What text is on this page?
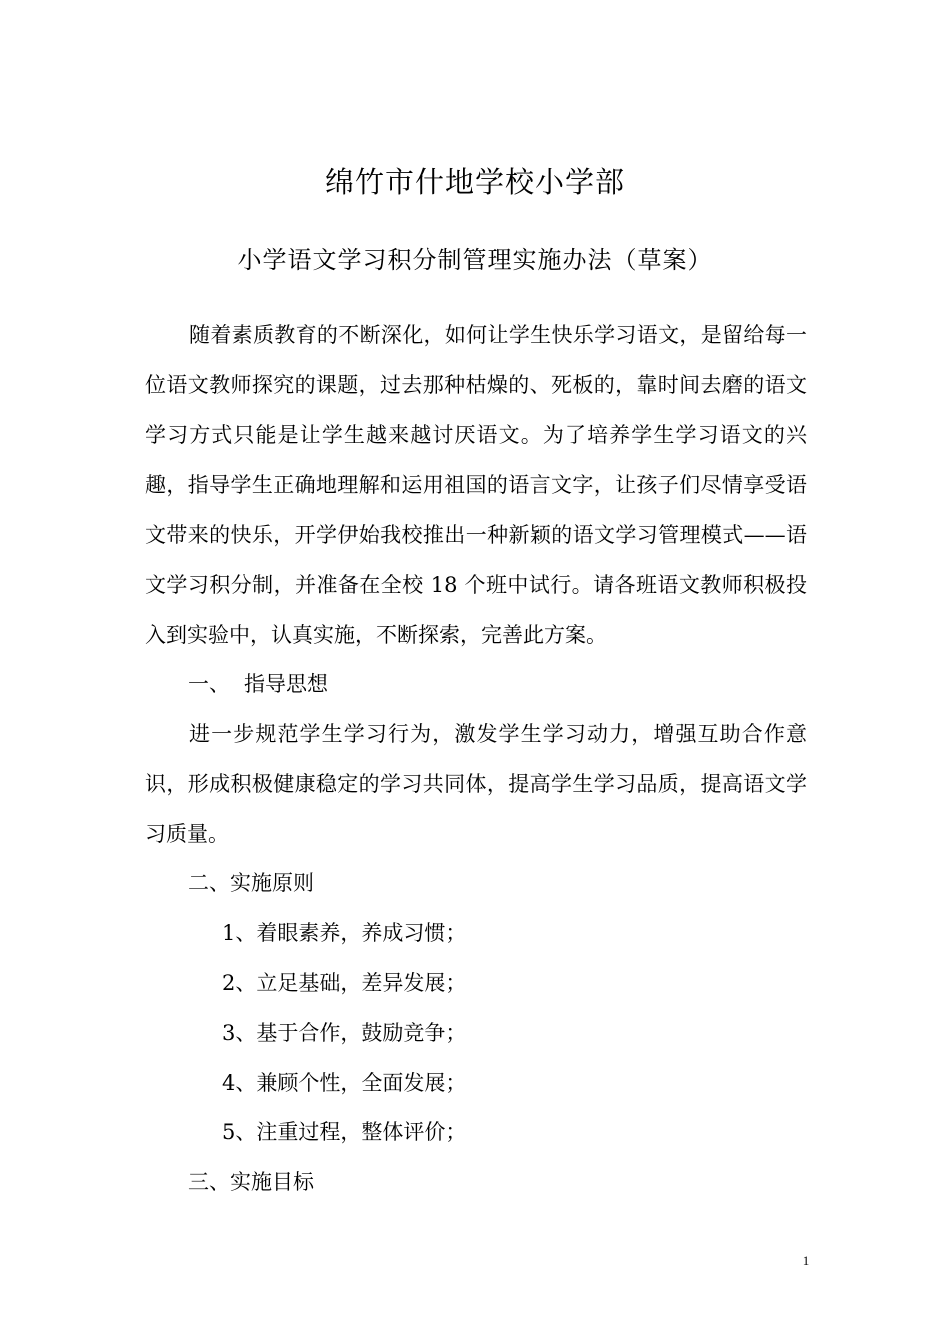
绵竹市什地学校小学部
小学语文学习积分制管理实施办法（草案）
随着素质教育的不断深化，如何让学生快乐学习语文，是留给每一位语文教师探究的课题，过去那种枯燥的、死板的，靠时间去磨的语文学习方式只能是让学生越来越讨厌语文。为了培养学生学习语文的兴趣，指导学生正确地理解和运用祖国的语言文字，让孩子们尽情享受语文带来的快乐，开学伊始我校推出一种新颖的语文学习管理模式——语文学习积分制，并准备在全校 18 个班中试行。请各班语文教师积极投入到实验中，认真实施，不断探索，完善此方案。
一、 指导思想
进一步规范学生学习行为，激发学生学习动力，增强互助合作意识，形成积极健康稳定的学习共同体，提高学生学习品质，提高语文学习质量。
二、实施原则
1、着眼素养，养成习惯；
2、立足基础，差异发展；
3、基于合作，鼓励竞争；
4、兼顾个性，全面发展；
5、注重过程，整体评价；
三、实施目标
1
